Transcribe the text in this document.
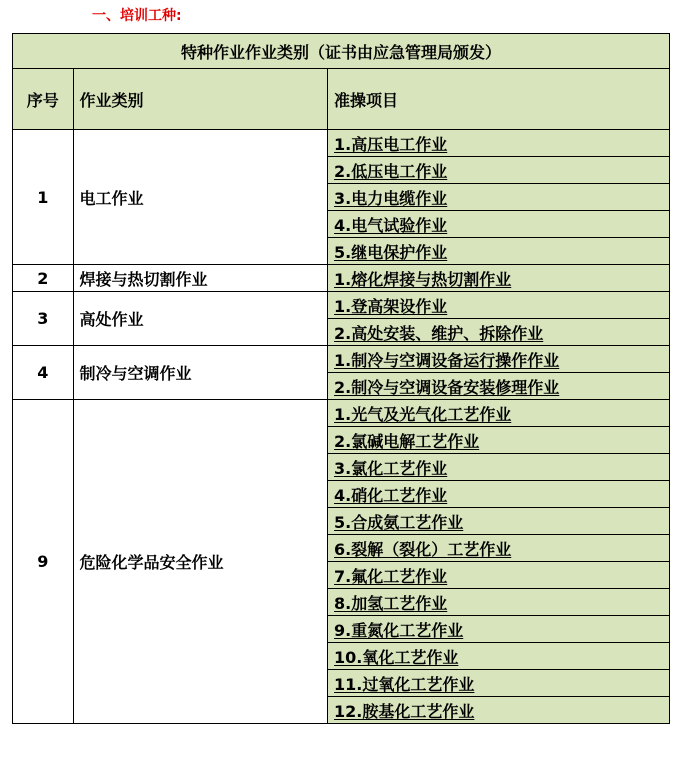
一、培训工种:
特种作业作业类别（证书由应急管理局颁发）		
序号	作业类别	准操项目
1	电工作业	1.高压电工作业
		2.低压电工作业
		3.电力电缆作业
		4.电气试验作业
		5.继电保护作业
2	焊接与热切割作业	1.熔化焊接与热切割作业
3	高处作业	1.登高架设作业
		2.高处安装、维护、拆除作业
4	制冷与空调作业	1.制冷与空调设备运行操作作业
		2.制冷与空调设备安装修理作业
9	危险化学品安全作业	1.光气及光气化工艺作业
		2.氯碱电解工艺作业
		3.氯化工艺作业
		4.硝化工艺作业
		5.合成氨工艺作业
		6.裂解（裂化）工艺作业
		7.氟化工艺作业
		8.加氢工艺作业
		9.重氮化工艺作业
		10.氧化工艺作业
		11.过氧化工艺作业
		12.胺基化工艺作业
